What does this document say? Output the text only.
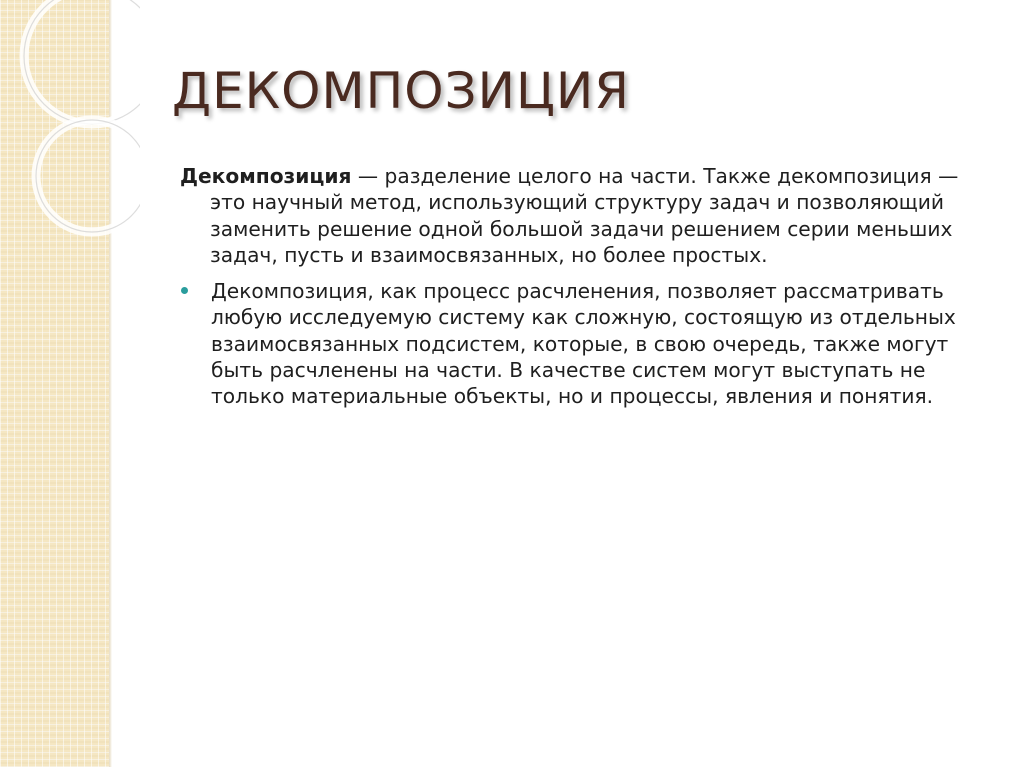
ДЕКОМПОЗИЦИЯ

Декомпозиция — разделение целого на части. Также декомпозиция — это научный метод, использующий структуру задач и позволяющий заменить решение одной большой задачи решением серии меньших задач, пусть и взаимосвязанных, но более простых.

Декомпозиция, как процесс расчленения, позволяет рассматривать любую исследуемую систему как сложную, состоящую из отдельных взаимосвязанных подсистем, которые, в свою очередь, также могут быть расчленены на части. В качестве систем могут выступать не только материальные объекты, но и процессы, явления и понятия.
